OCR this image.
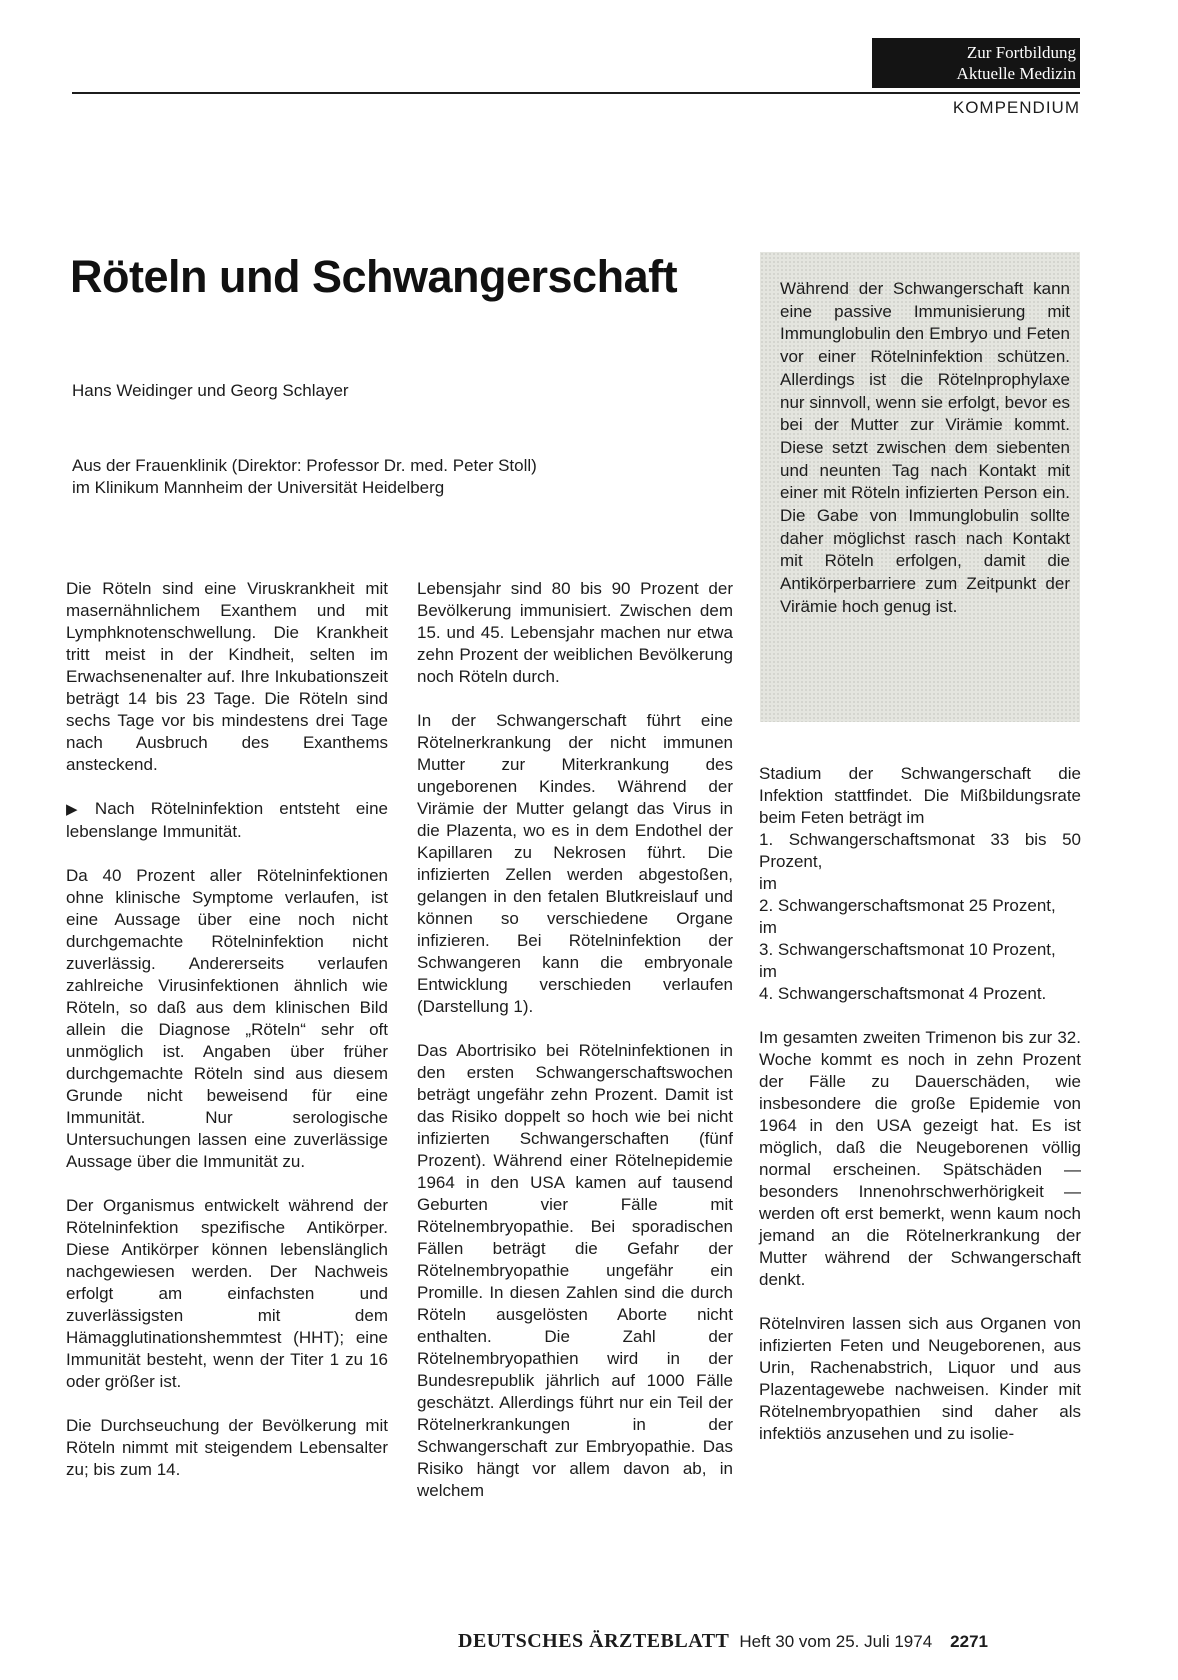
Zur Fortbildung
Aktuelle Medizin
KOMPENDIUM
Röteln und Schwangerschaft
Hans Weidinger und Georg Schlayer
Aus der Frauenklinik (Direktor: Professor Dr. med. Peter Stoll)
im Klinikum Mannheim der Universität Heidelberg

Während der Schwangerschaft kann eine passive Immunisierung mit Immunglobulin den Embryo und Feten vor einer Rötelninfektion schützen. Allerdings ist die Rötelnprophylaxe nur sinnvoll, wenn sie erfolgt, bevor es bei der Mutter zur Virämie kommt. Diese setzt zwischen dem siebenten und neunten Tag nach Kontakt mit einer mit Röteln infizierten Person ein. Die Gabe von Immunglobulin sollte daher möglichst rasch nach Kontakt mit Röteln erfolgen, damit die Antikörperbarriere zum Zeitpunkt der Virämie hoch genug ist.

Die Röteln sind eine Viruskrankheit mit masernähnlichem Exanthem und mit Lymphknotenschwellung. Die Krankheit tritt meist in der Kindheit, selten im Erwachsenenalter auf. Ihre Inkubationszeit beträgt 14 bis 23 Tage. Die Röteln sind sechs Tage vor bis mindestens drei Tage nach Ausbruch des Exanthems ansteckend.

▶ Nach Rötelninfektion entsteht eine lebenslange Immunität.

Da 40 Prozent aller Rötelninfektionen ohne klinische Symptome verlaufen, ist eine Aussage über eine noch nicht durchgemachte Rötelninfektion nicht zuverlässig. Andererseits verlaufen zahlreiche Virusinfektionen ähnlich wie Röteln, so daß aus dem klinischen Bild allein die Diagnose „Röteln“ sehr oft unmöglich ist. Angaben über früher durchgemachte Röteln sind aus diesem Grunde nicht beweisend für eine Immunität. Nur serologische Untersuchungen lassen eine zuverlässige Aussage über die Immunität zu.

Der Organismus entwickelt während der Rötelninfektion spezifische Antikörper. Diese Antikörper können lebenslänglich nachgewiesen werden. Der Nachweis erfolgt am einfachsten und zuverlässigsten mit dem Hämagglutinationshemmtest (HHT); eine Immunität besteht, wenn der Titer 1 zu 16 oder größer ist.

Die Durchseuchung der Bevölkerung mit Röteln nimmt mit steigendem Lebensalter zu; bis zum 14.

Lebensjahr sind 80 bis 90 Prozent der Bevölkerung immunisiert. Zwischen dem 15. und 45. Lebensjahr machen nur etwa zehn Prozent der weiblichen Bevölkerung noch Röteln durch.

In der Schwangerschaft führt eine Rötelnerkrankung der nicht immunen Mutter zur Miterkrankung des ungeborenen Kindes. Während der Virämie der Mutter gelangt das Virus in die Plazenta, wo es in dem Endothel der Kapillaren zu Nekrosen führt. Die infizierten Zellen werden abgestoßen, gelangen in den fetalen Blutkreislauf und können so verschiedene Organe infizieren. Bei Rötelninfektion der Schwangeren kann die embryonale Entwicklung verschieden verlaufen (Darstellung 1).

Das Abortrisiko bei Rötelninfektionen in den ersten Schwangerschaftswochen beträgt ungefähr zehn Prozent. Damit ist das Risiko doppelt so hoch wie bei nicht infizierten Schwangerschaften (fünf Prozent). Während einer Rötelnepidemie 1964 in den USA kamen auf tausend Geburten vier Fälle mit Rötelnembryopathie. Bei sporadischen Fällen beträgt die Gefahr der Rötelnembryopathie ungefähr ein Promille. In diesen Zahlen sind die durch Röteln ausgelösten Aborte nicht enthalten. Die Zahl der Rötelnembryopathien wird in der Bundesrepublik jährlich auf 1000 Fälle geschätzt. Allerdings führt nur ein Teil der Rötelnerkrankungen in der Schwangerschaft zur Embryopathie. Das Risiko hängt vor allem davon ab, in welchem

Stadium der Schwangerschaft die Infektion stattfindet. Die Mißbildungsrate beim Feten beträgt im

1. Schwangerschaftsmonat 33 bis 50 Prozent,

im

2. Schwangerschaftsmonat 25 Prozent,

im

3. Schwangerschaftsmonat 10 Prozent,

im

4. Schwangerschaftsmonat 4 Prozent.

Im gesamten zweiten Trimenon bis zur 32. Woche kommt es noch in zehn Prozent der Fälle zu Dauerschäden, wie insbesondere die große Epidemie von 1964 in den USA gezeigt hat. Es ist möglich, daß die Neugeborenen völlig normal erscheinen. Spätschäden — besonders Innenohrschwerhörigkeit — werden oft erst bemerkt, wenn kaum noch jemand an die Rötelnerkrankung der Mutter während der Schwangerschaft denkt.

Rötelnviren lassen sich aus Organen von infizierten Feten und Neugeborenen, aus Urin, Rachenabstrich, Liquor und aus Plazentagewebe nachweisen. Kinder mit Rötelnembryopathien sind daher als infektiös anzusehen und zu isolie-

DEUTSCHES ÄRZTEBLATT Heft 30 vom 25. Juli 1974 2271
